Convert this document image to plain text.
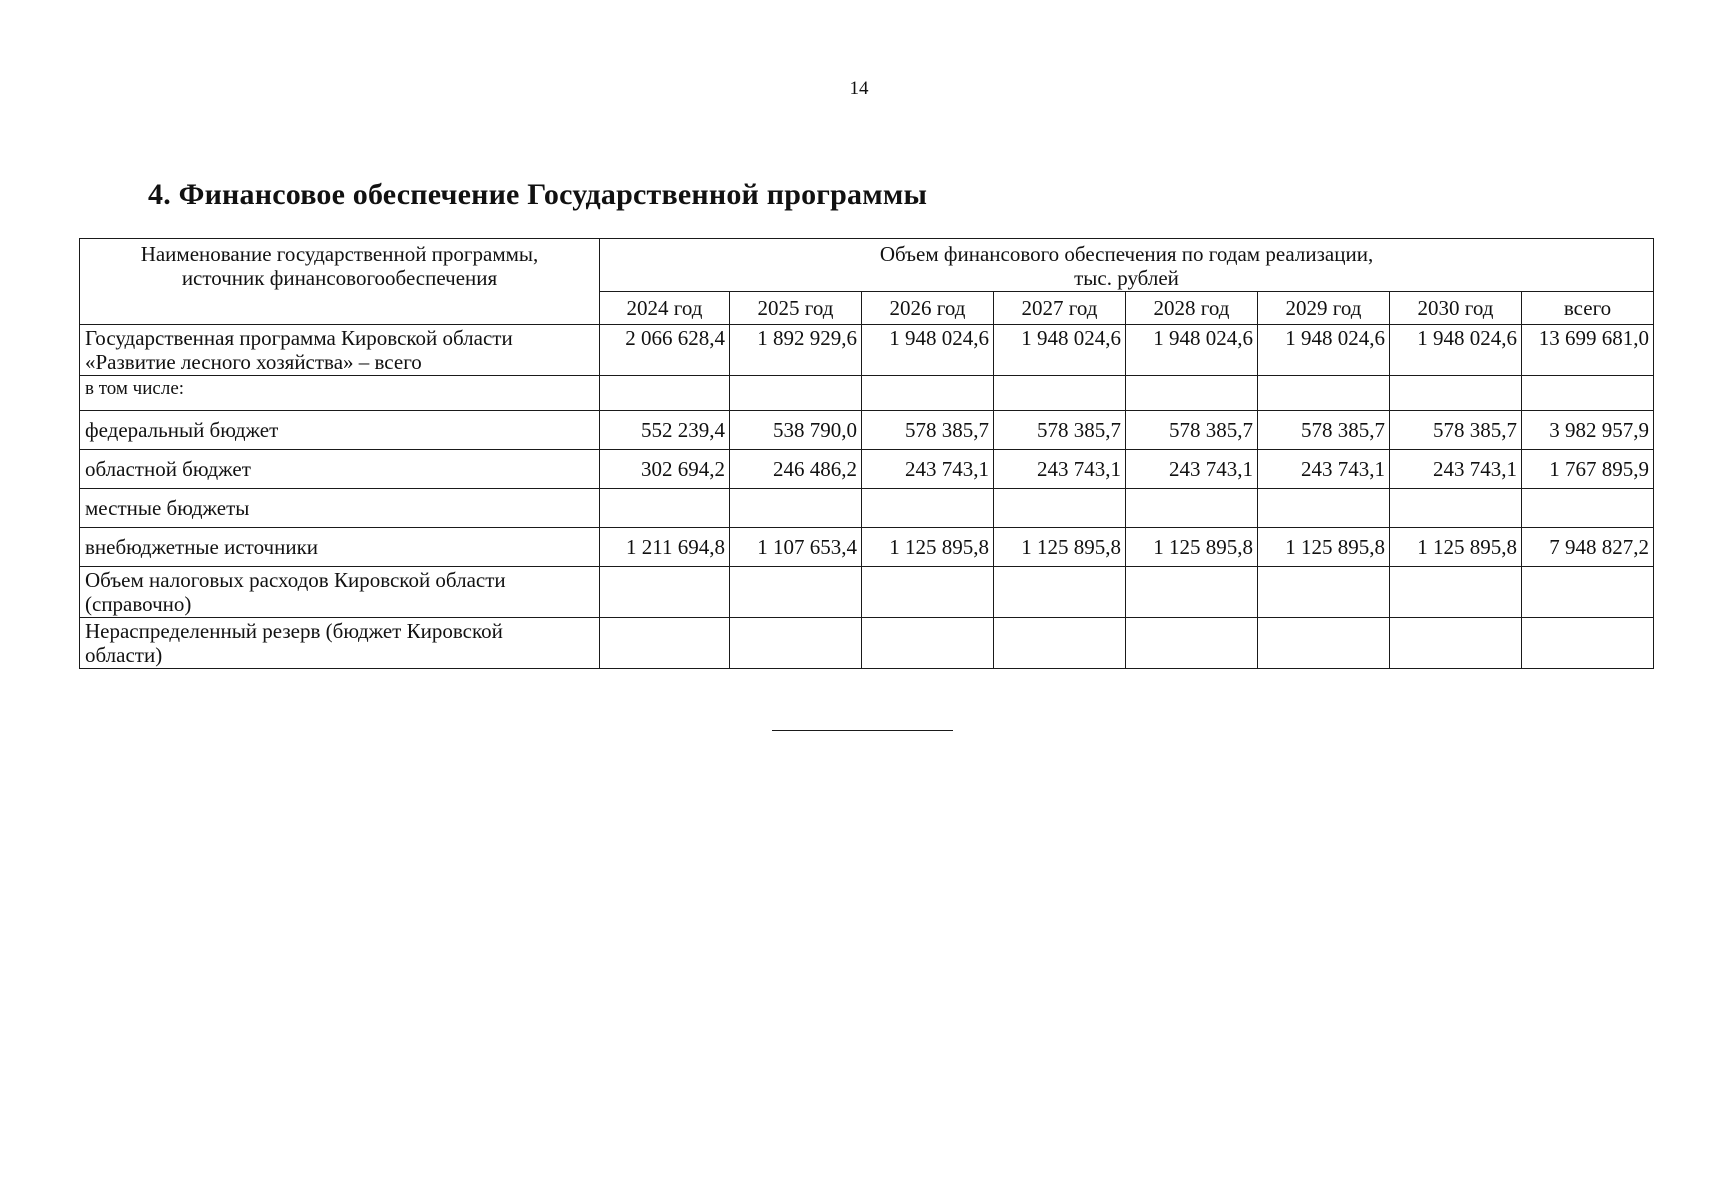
14
4. Финансовое обеспечение Государственной программы
Наименование государственной программы,
источник финансовогообеспечения	Объем финансового обеспечения по годам реализации,
тыс. рублей							
	2024 год	2025 год	2026 год	2027 год	2028 год	2029 год	2030 год	всего
Государственная программа Кировской области
«Развитие лесного хозяйства» – всего	2 066 628,4	1 892 929,6	1 948 024,6	1 948 024,6	1 948 024,6	1 948 024,6	1 948 024,6	13 699 681,0
в том числе:								
федеральный бюджет	552 239,4	538 790,0	578 385,7	578 385,7	578 385,7	578 385,7	578 385,7	3 982 957,9
областной бюджет	302 694,2	246 486,2	243 743,1	243 743,1	243 743,1	243 743,1	243 743,1	1 767 895,9
местные бюджеты								
внебюджетные источники	1 211 694,8	1 107 653,4	1 125 895,8	1 125 895,8	1 125 895,8	1 125 895,8	1 125 895,8	7 948 827,2
Объем налоговых расходов Кировской области
(справочно)								
Нераспределенный резерв (бюджет Кировской
области)								
